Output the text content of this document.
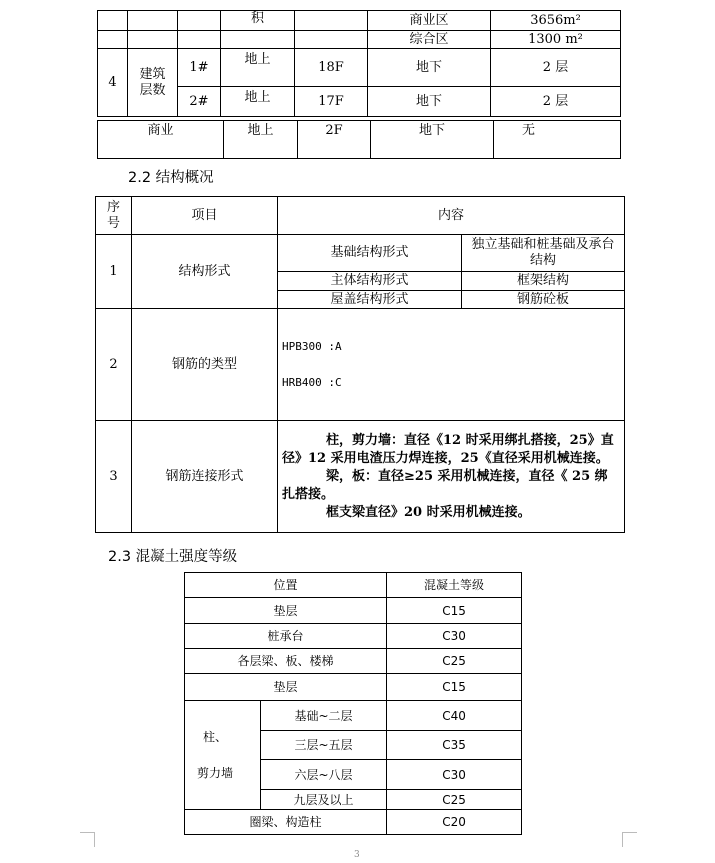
			积		商业区	3656m²
					综合区	1300 m²
4	建筑层数	1#	地上	18F	地下	2 层
		2#	地上	17F	地下	2 层
商业	地上	2F	地下	无
2.2 结构概况
序号	项目	内容	
1	结构形式	基础结构形式	独立基础和桩基础及承台结构
		主体结构形式	框架结构
		屋盖结构形式	钢筋砼板
2	钢筋的类型	HPB300 :A
HRB400 :C	

3	钢筋连接形式	柱，剪力墙：直径《12 时采用绑扎搭接，25》直径》12 采用电渣压力焊连接，25《直径采用机械连接。
梁，板：直径≥25 采用机械连接，直径《 25 绑扎搭接。
框支梁直径》20 时采用机械连接。	
2.3 混凝土强度等级
位置		混凝土等级
垫层		C15
桩承台		C30
各层梁、板、楼梯		C25
垫层		C15

柱、
剪力墙	基础~二层	C40
	三层~五层	C35
	六层~八层	C30
	九层及以上	C25
圈梁、构造柱		C20
3
